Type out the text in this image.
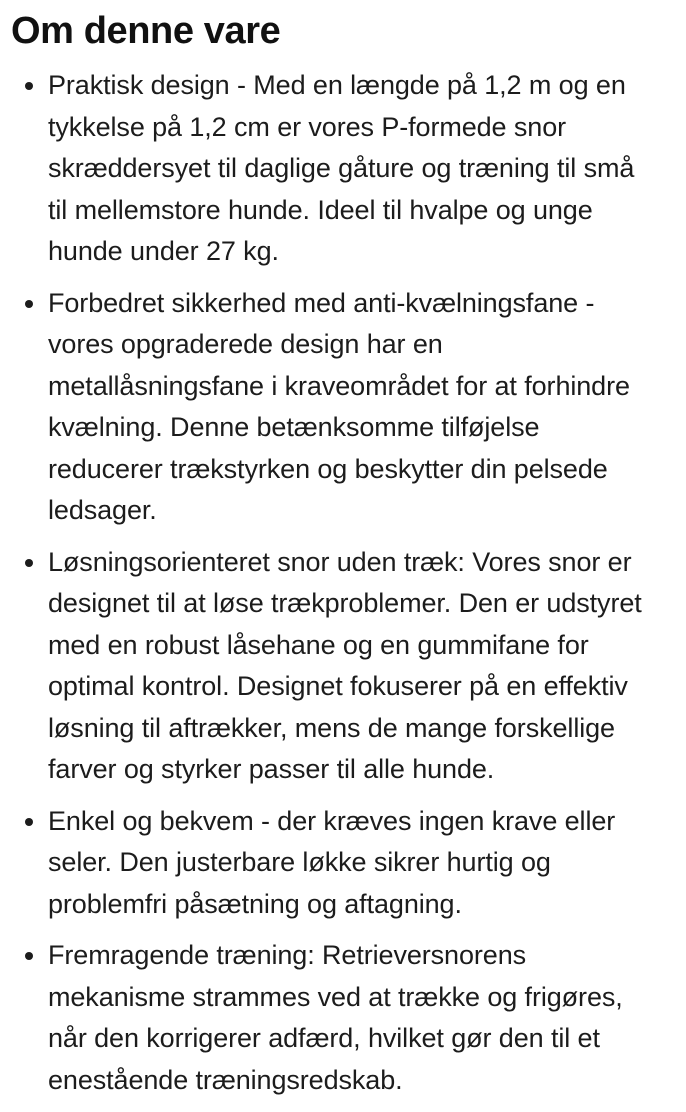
Om denne vare
Praktisk design - Med en længde på 1,2 m og en tykkelse på 1,2 cm er vores P-formede snor skræddersyet til daglige gåture og træning til små til mellemstore hunde. Ideel til hvalpe og unge hunde under 27 kg.
Forbedret sikkerhed med anti-kvælningsfane - vores opgraderede design har en metallåsningsfane i kraveområdet for at forhindre kvælning. Denne betænksomme tilføjelse reducerer trækstyrken og beskytter din pelsede ledsager.
Løsningsorienteret snor uden træk: Vores snor er designet til at løse trækproblemer. Den er udstyret med en robust låsehane og en gummifane for optimal kontrol. Designet fokuserer på en effektiv løsning til aftrækker, mens de mange forskellige farver og styrker passer til alle hunde.
Enkel og bekvem - der kræves ingen krave eller seler. Den justerbare løkke sikrer hurtig og problemfri påsætning og aftagning.
Fremragende træning: Retrieversnorens mekanisme strammes ved at trække og frigøres, når den korrigerer adfærd, hvilket gør den til et enestående træningsredskab.
